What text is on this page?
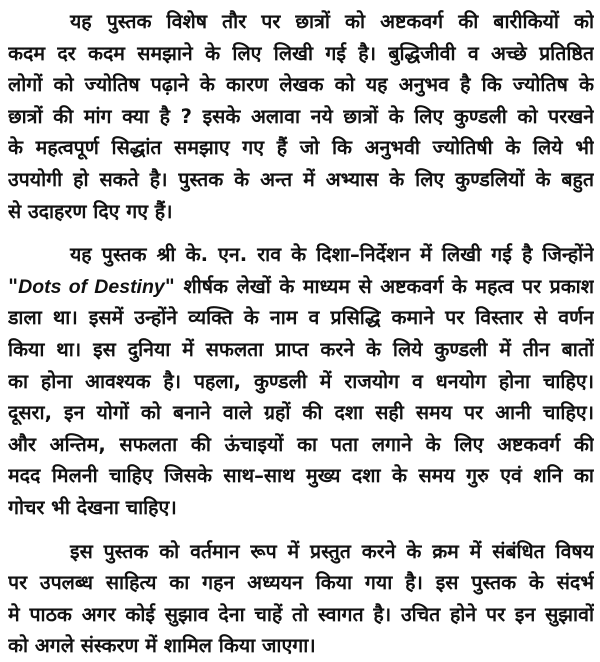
यह पुस्तक विशेष तौर पर छात्रों को अष्टकवर्ग की बारीकियों को
कदम दर कदम समझाने के लिए लिखी गई है। बुद्धिजीवी व अच्छे प्रतिष्ठित
लोगों को ज्योतिष पढ़ाने के कारण लेखक को यह अनुभव है कि ज्योतिष के
छात्रों की मांग क्या है ? इसके अलावा नये छात्रों के लिए कुण्डली को परखने
के महत्वपूर्ण सिद्धांत समझाए गए हैं जो कि अनुभवी ज्योतिषी के लिये भी
उपयोगी हो सकते है। पुस्तक के अन्त में अभ्यास के लिए कुण्डलियों के बहुत
से उदाहरण दिए गए हैं।
यह पुस्तक श्री के. एन. राव के दिशा–निर्देशन में लिखी गई है जिन्होंने
"Dots of Destiny" शीर्षक लेखों के माध्यम से अष्टकवर्ग के महत्व पर प्रकाश
डाला था। इसमें उन्होंने व्यक्ति के नाम व प्रसिद्धि कमाने पर विस्तार से वर्णन
किया था। इस दुनिया में सफलता प्राप्त करने के लिये कुण्डली में तीन बातों
का होना आवश्यक है। पहला, कुण्डली में राजयोग व धनयोग होना चाहिए।
दूसरा, इन योगों को बनाने वाले ग्रहों की दशा सही समय पर आनी चाहिए।
और अन्तिम, सफलता की ऊंचाइयों का पता लगाने के लिए अष्टकवर्ग की
मदद मिलनी चाहिए जिसके साथ–साथ मुख्य दशा के समय गुरु एवं शनि का
गोचर भी देखना चाहिए।
इस पुस्तक को वर्तमान रूप में प्रस्तुत करने के क्रम में संबंधित विषय
पर उपलब्ध साहित्य का गहन अध्ययन किया गया है। इस पुस्तक के संदर्भ
मे पाठक अगर कोई सुझाव देना चाहें तो स्वागत है। उचित होने पर इन सुझावों
को अगले संस्करण में शामिल किया जाएगा।
